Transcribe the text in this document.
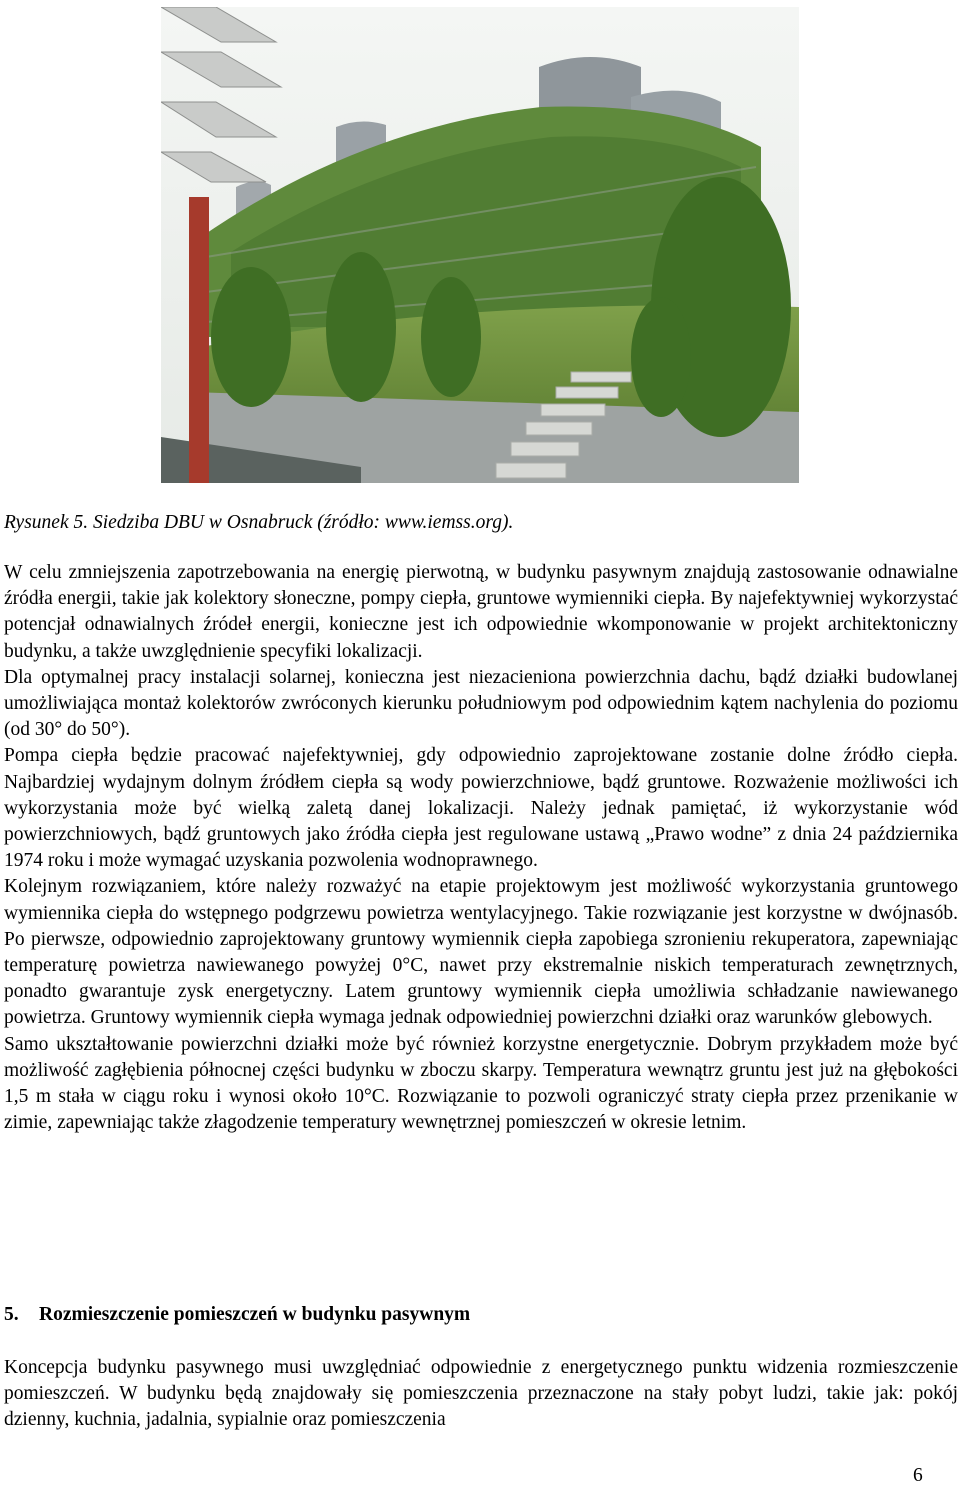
Rysunek 5. Siedziba DBU w Osnabruck (źródło: www.iemss.org).

W celu zmniejszenia zapotrzebowania na energię pierwotną, w budynku pasywnym znajdują zastosowanie odnawialne źródła energii, takie jak kolektory słoneczne, pompy ciepła, gruntowe wymienniki ciepła. By najefektywniej wykorzystać potencjał odnawialnych źródeł energii, konieczne jest ich odpowiednie wkomponowanie w projekt architektoniczny budynku, a także uwzględnienie specyfiki lokalizacji.

Dla optymalnej pracy instalacji solarnej, konieczna jest niezacieniona powierzchnia dachu, bądź działki budowlanej umożliwiająca montaż kolektorów zwróconych kierunku południowym pod odpowiednim kątem nachylenia do poziomu (od 30° do 50°).

Pompa ciepła będzie pracować najefektywniej, gdy odpowiednio zaprojektowane zostanie dolne źródło ciepła. Najbardziej wydajnym dolnym źródłem ciepła są wody powierzchniowe, bądź gruntowe. Rozważenie możliwości ich wykorzystania może być wielką zaletą danej lokalizacji. Należy jednak pamiętać, iż wykorzystanie wód powierzchniowych, bądź gruntowych jako źródła ciepła jest regulowane ustawą „Prawo wodne” z dnia 24 października 1974 roku i może wymagać uzyskania pozwolenia wodnoprawnego.

Kolejnym rozwiązaniem, które należy rozważyć na etapie projektowym jest możliwość wykorzystania gruntowego wymiennika ciepła do wstępnego podgrzewu powietrza wentylacyjnego. Takie rozwiązanie jest korzystne w dwójnasób. Po pierwsze, odpowiednio zaprojektowany gruntowy wymiennik ciepła zapobiega szronieniu rekuperatora, zapewniając temperaturę powietrza nawiewanego powyżej 0°C, nawet przy ekstremalnie niskich temperaturach zewnętrznych, ponadto gwarantuje zysk energetyczny. Latem gruntowy wymiennik ciepła umożliwia schładzanie nawiewanego powietrza. Gruntowy wymiennik ciepła wymaga jednak odpowiedniej powierzchni działki oraz warunków glebowych.

Samo ukształtowanie powierzchni działki może być również korzystne energetycznie. Dobrym przykładem może być możliwość zagłębienia północnej części budynku w zboczu skarpy. Temperatura wewnątrz gruntu jest już na głębokości 1,5 m stała w ciągu roku i wynosi około 10°C. Rozwiązanie to pozwoli ograniczyć straty ciepła przez przenikanie w zimie, zapewniając także złagodzenie temperatury wewnętrznej pomieszczeń w okresie letnim.

5. Rozmieszczenie pomieszczeń w budynku pasywnym

Koncepcja budynku pasywnego musi uwzględniać odpowiednie z energetycznego punktu widzenia rozmieszczenie pomieszczeń. W budynku będą znajdowały się pomieszczenia przeznaczone na stały pobyt ludzi, takie jak: pokój dzienny, kuchnia, jadalnia, sypialnie oraz pomieszczenia

6
